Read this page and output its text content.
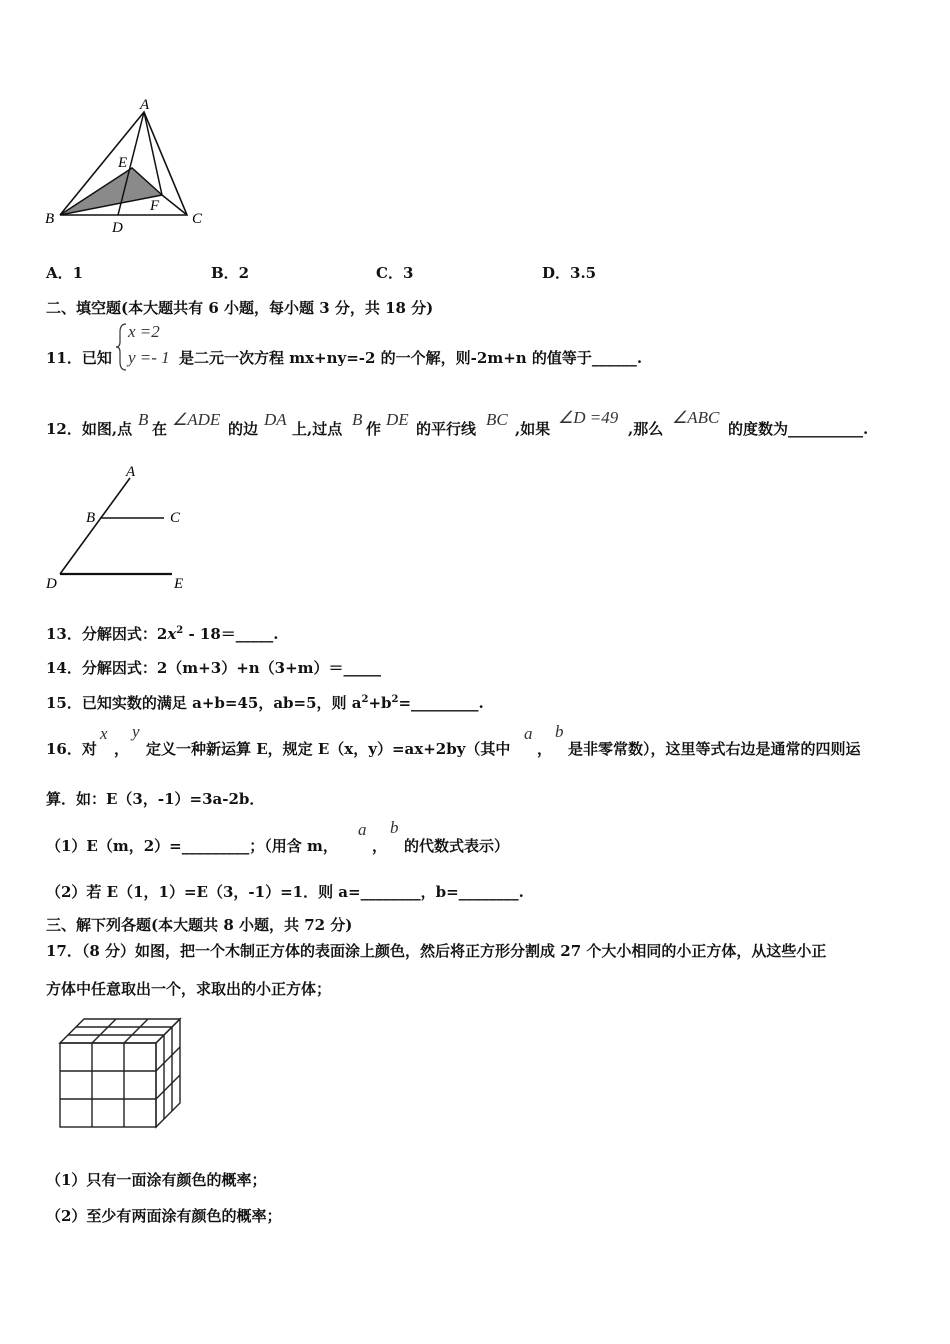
A
E
F
B	C
D
A．1	B．2	C．3	D．3.5
二、填空题(本大题共有 6 小题，每小题 3 分，共 18 分)
11．已知
x =2
y =- 1 是二元一次方程 mx+ny=-2 的一个解，则-2m+n 的值等于______.
12．如图,点 B 在 ∠ADE 的边 DA 上,过点 B 作 DE 的平行线 BC ,如果
∠D =49
,那么
∠ABC
的度数为__________.
A
B	C
D	E
13．分解因式：$2x^2$ - 18＝_____.
14．分解因式：2（m+3）+n（3+m）＝_____
15．已知实数的满足 a+b=45，ab=5，则 $a^2+b^2=\_\_\_\_\_\_\_\_\_$.
16．对
x
，
y
定义一种新运算 E，规定 E（x，y）=ax+2by（其中
a
，
b
是非零常数），这里等式右边是通常的四则运
算．如：E（3，-1）=3a-2b．
（1）E（m，2）=_________；（用含 m，
a
，
b
的代数式表示）
（2）若 E（1，1）=E（3，-1）=1．则 a=________，b=________.
三、解下列各题(本大题共 8 小题，共 72 分)
17．（8 分）如图，把一个木制正方体的表面涂上颜色，然后将正方形分割成 27 个大小相同的小正方体，从这些小正
方体中任意取出一个，求取出的小正方体；
（1）只有一面涂有颜色的概率；
（2）至少有两面涂有颜色的概率；
